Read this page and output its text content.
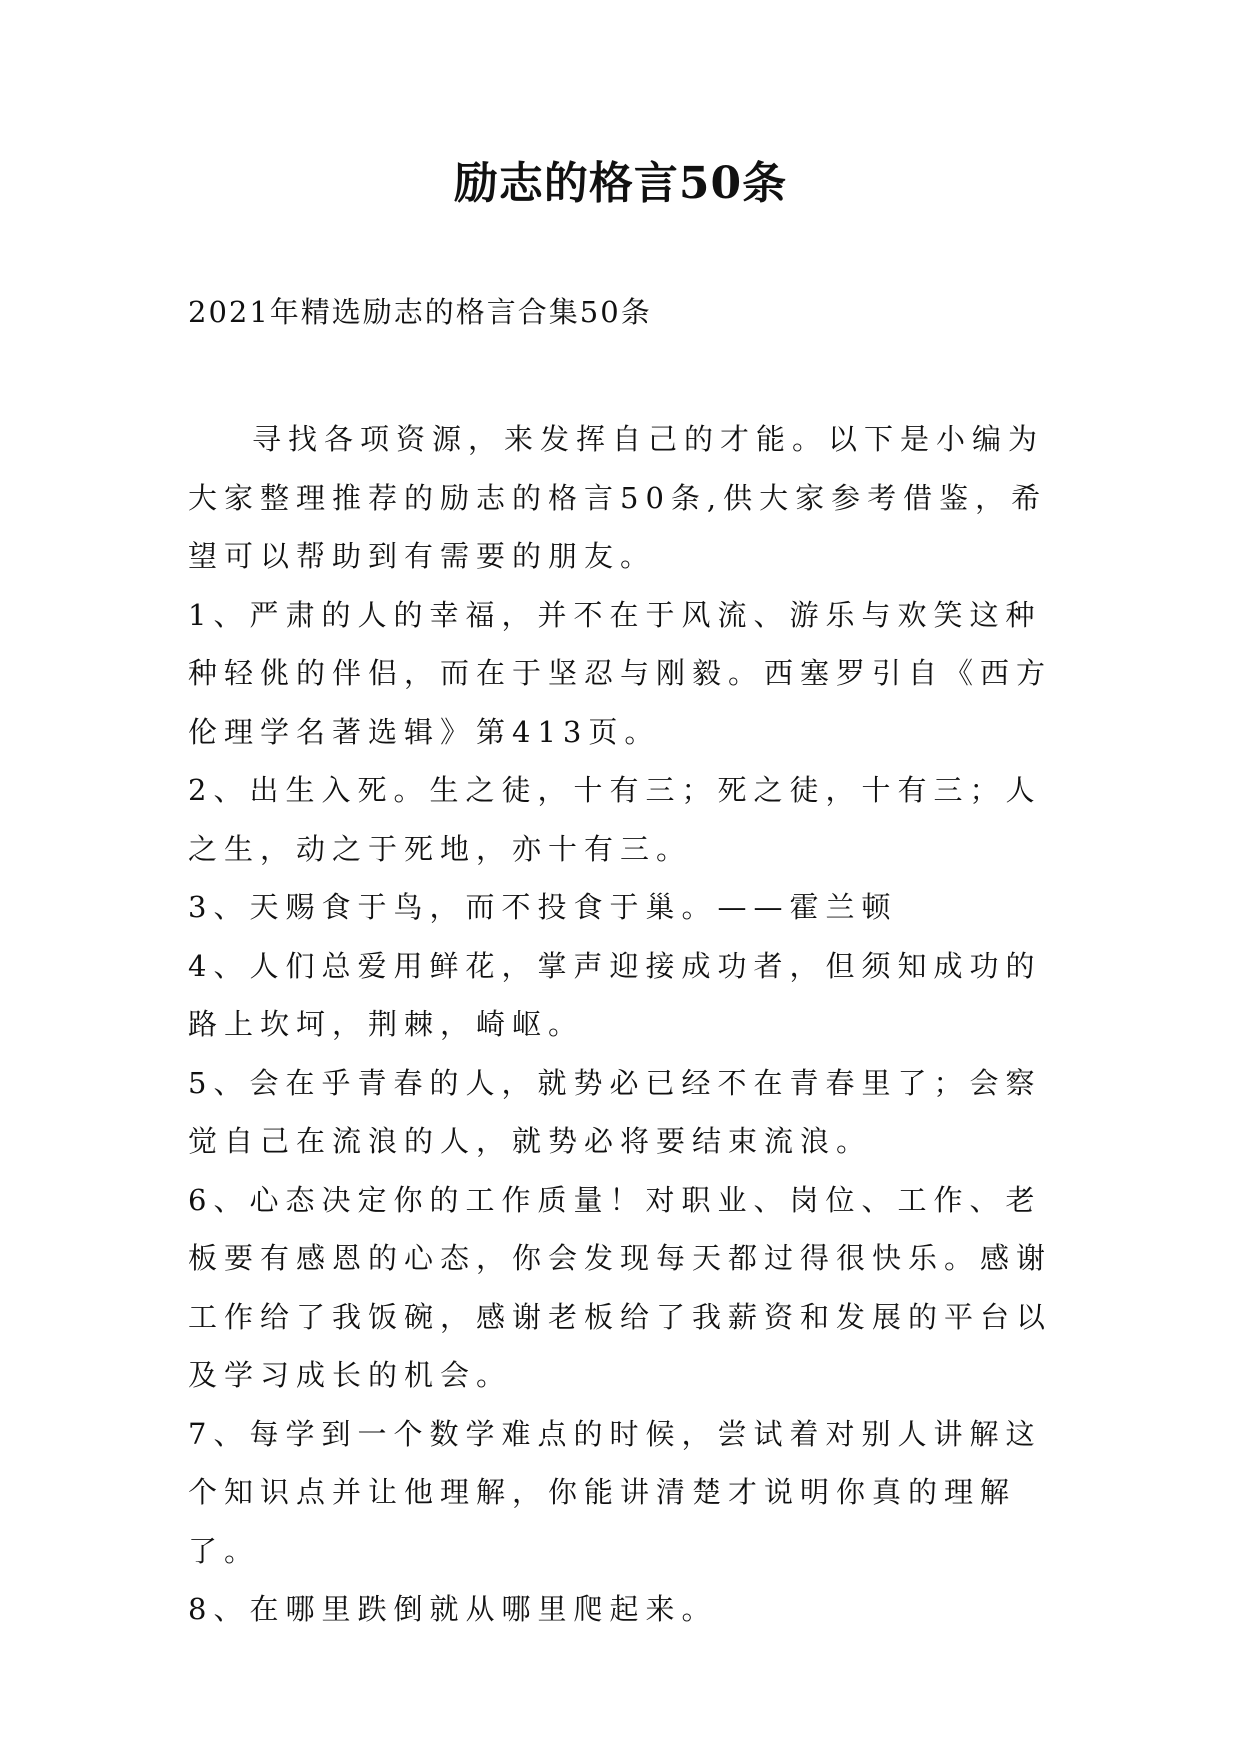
励志的格言50条

2021年精选励志的格言合集50条

寻找各项资源，来发挥自己的才能。以下是小编为大家整理推荐的励志的格言50条,供大家参考借鉴，希望可以帮助到有需要的朋友。

1、严肃的人的幸福，并不在于风流、游乐与欢笑这种种轻佻的伴侣，而在于坚忍与刚毅。西塞罗引自《西方伦理学名著选辑》第413页。

2、出生入死。生之徒，十有三；死之徒，十有三；人之生，动之于死地，亦十有三。

3、天赐食于鸟，而不投食于巢。——霍兰顿

4、人们总爱用鲜花，掌声迎接成功者，但须知成功的路上坎坷，荆棘，崎岖。

5、会在乎青春的人，就势必已经不在青春里了；会察觉自己在流浪的人，就势必将要结束流浪。

6、心态决定你的工作质量！对职业、岗位、工作、老板要有感恩的心态，你会发现每天都过得很快乐。感谢工作给了我饭碗，感谢老板给了我薪资和发展的平台以及学习成长的机会。

7、每学到一个数学难点的时候，尝试着对别人讲解这个知识点并让他理解，你能讲清楚才说明你真的理解了。

8、在哪里跌倒就从哪里爬起来。
